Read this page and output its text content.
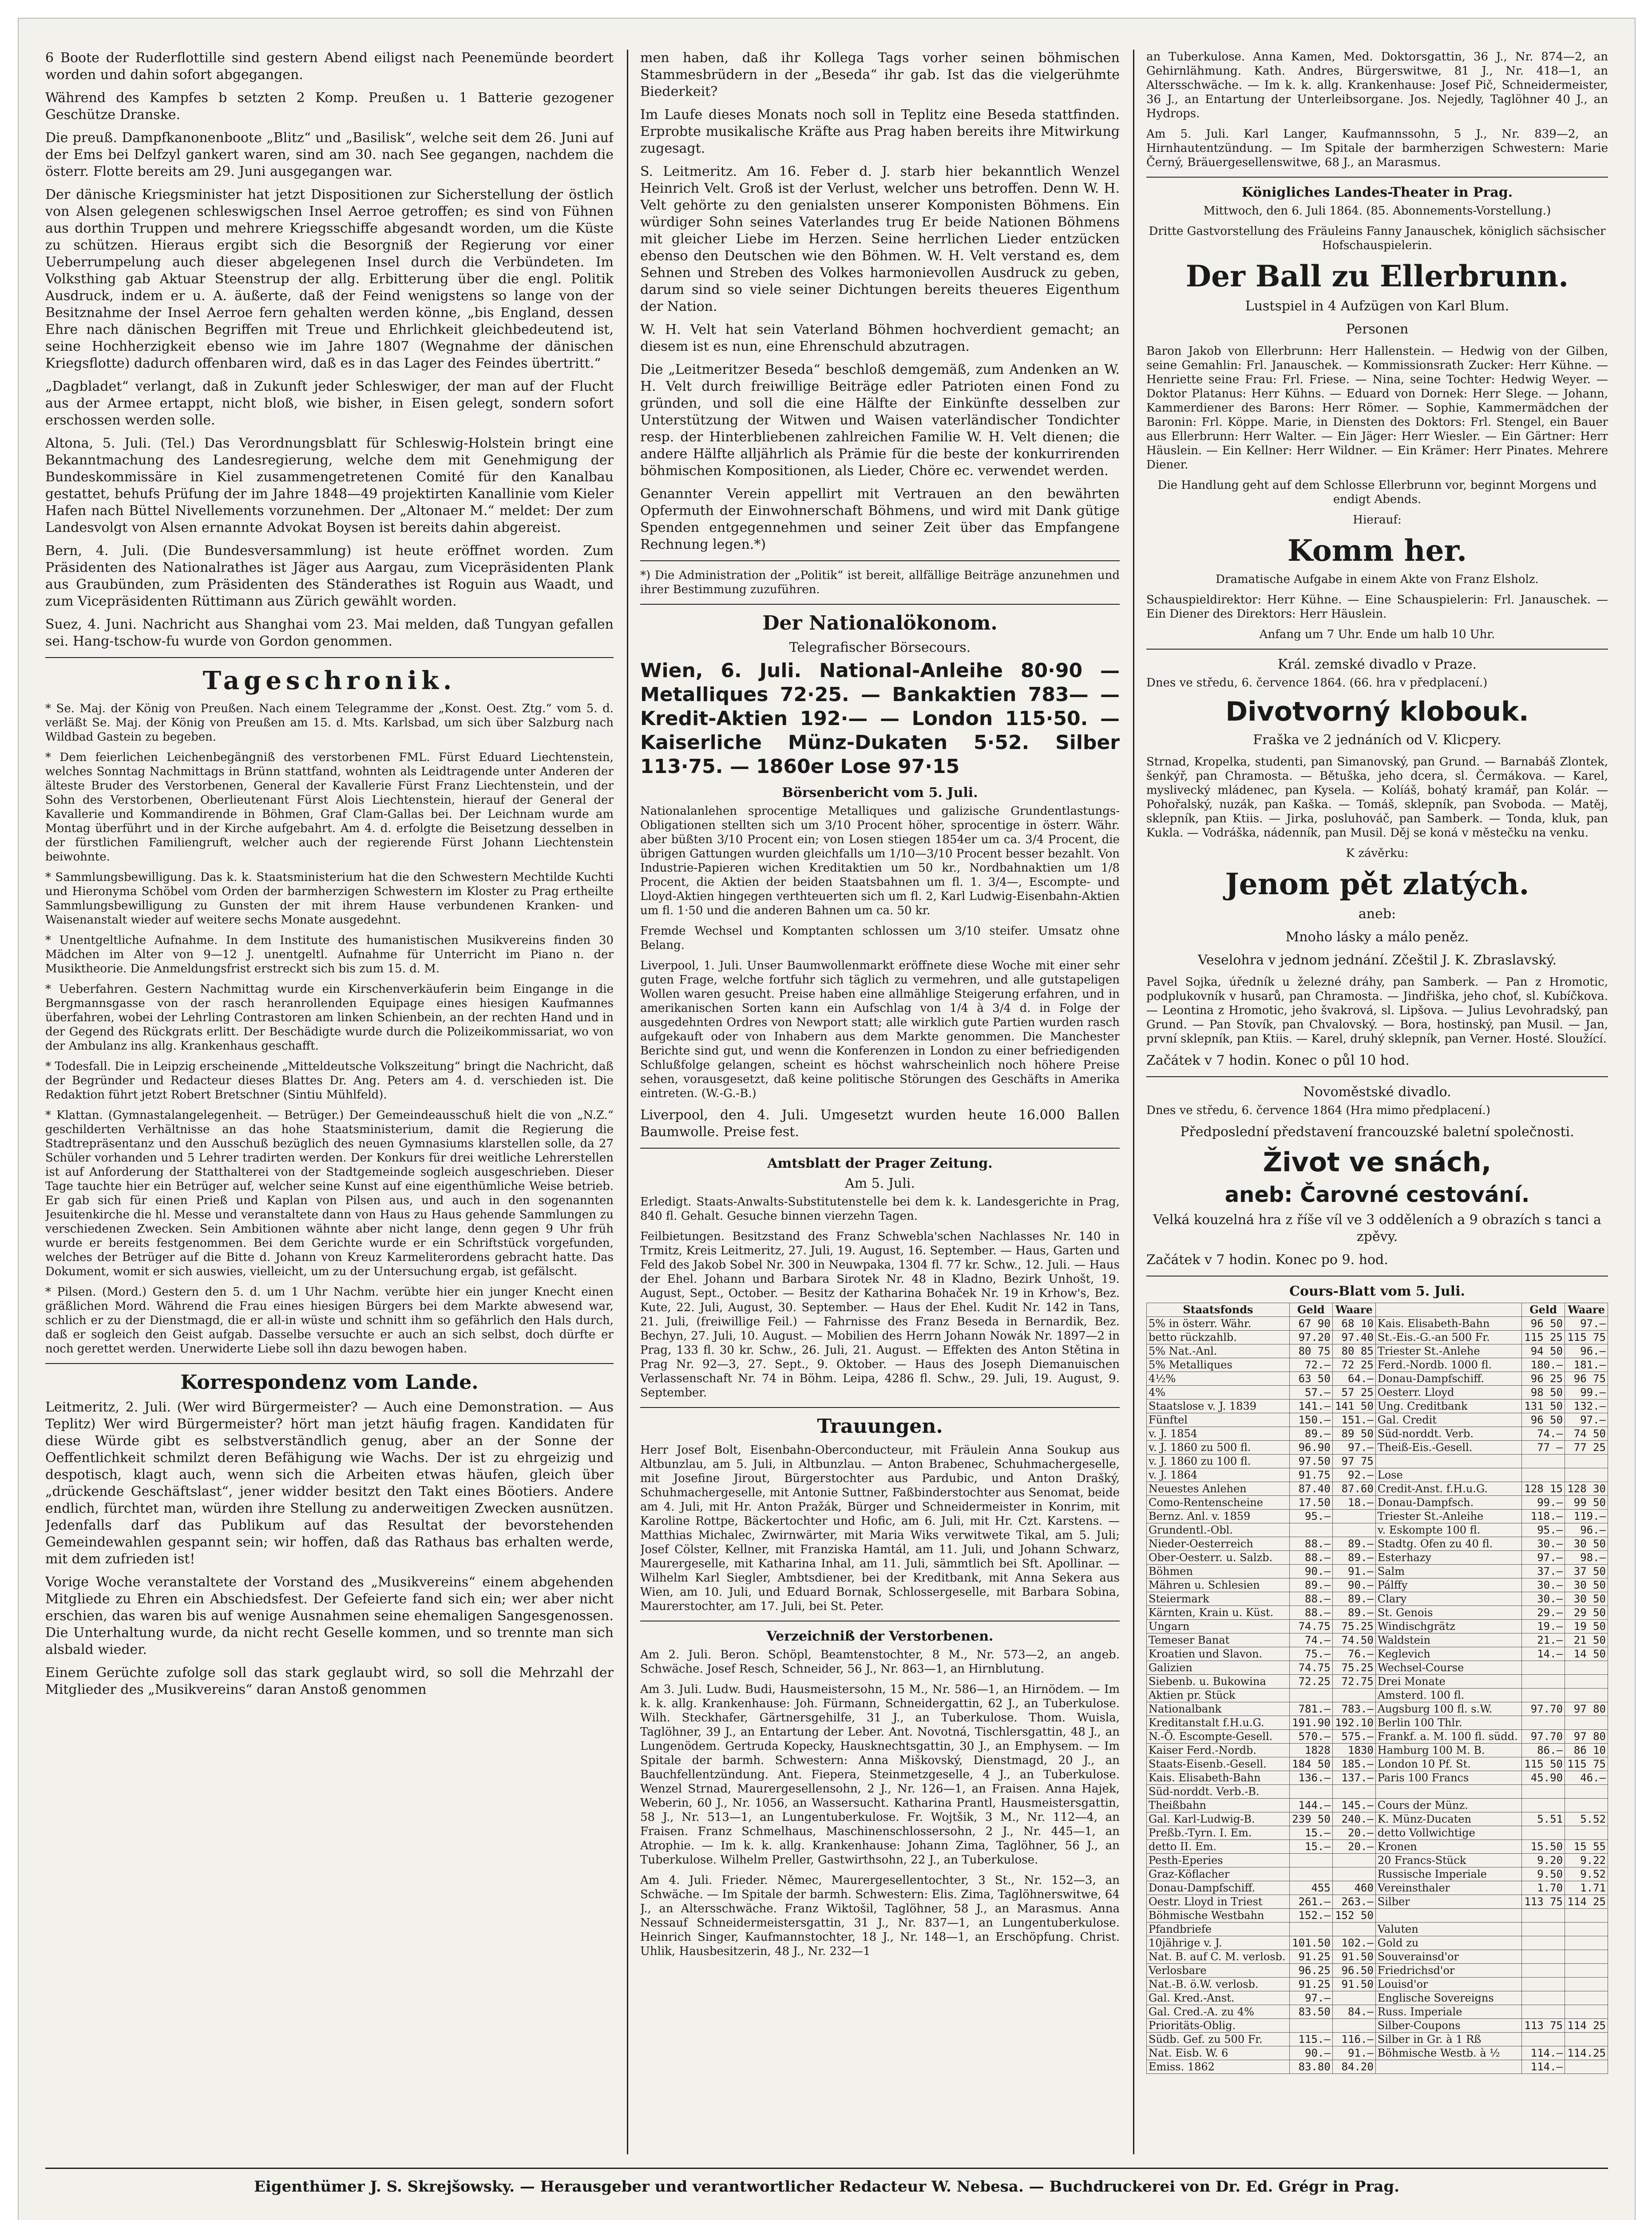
6 Boote der Ruderflottille sind gestern Abend eiligst nach Peenemünde beordert worden und dahin sofort abgegangen.

Während des Kampfes b setzten 2 Komp. Preußen u. 1 Batterie gezogener Geschütze Dranske.

Die preuß. Dampfkanonenboote „Blitz“ und „Basilisk“, welche seit dem 26. Juni auf der Ems bei Delfzyl gankert waren, sind am 30. nach See gegangen, nachdem die österr. Flotte bereits am 29. Juni ausgegangen war.

Der dänische Kriegsminister hat jetzt Dispositionen zur Sicherstellung der östlich von Alsen gelegenen schleswigschen Insel Aerroe getroffen; es sind von Fühnen aus dorthin Truppen und mehrere Kriegsschiffe abgesandt worden, um die Küste zu schützen. Hieraus ergibt sich die Besorgniß der Regierung vor einer Ueberrumpelung auch dieser abgelegenen Insel durch die Verbündeten. Im Volksthing gab Aktuar Steenstrup der allg. Erbitterung über die engl. Politik Ausdruck, indem er u. A. äußerte, daß der Feind wenigstens so lange von der Besitznahme der Insel Aerroe fern gehalten werden könne, „bis England, dessen Ehre nach dänischen Begriffen mit Treue und Ehrlichkeit gleichbedeutend ist, seine Hochherzigkeit ebenso wie im Jahre 1807 (Wegnahme der dänischen Kriegsflotte) dadurch offenbaren wird, daß es in das Lager des Feindes übertritt.“

„Dagbladet“ verlangt, daß in Zukunft jeder Schleswiger, der man auf der Flucht aus der Armee ertappt, nicht bloß, wie bisher, in Eisen gelegt, sondern sofort erschossen werden solle.

Altona, 5. Juli. (Tel.) Das Verordnungsblatt für Schleswig-Holstein bringt eine Bekanntmachung des Landesregierung, welche dem mit Genehmigung der Bundeskommissäre in Kiel zusammengetretenen Comité für den Kanalbau gestattet, behufs Prüfung der im Jahre 1848—49 projektirten Kanallinie vom Kieler Hafen nach Büttel Nivellements vorzunehmen. Der „Altonaer M.“ meldet: Der zum Landesvolgt von Alsen ernannte Advokat Boysen ist bereits dahin abgereist.

Bern, 4. Juli. (Die Bundesversammlung) ist heute eröffnet worden. Zum Präsidenten des Nationalrathes ist Jäger aus Aargau, zum Vicepräsidenten Plank aus Graubünden, zum Präsidenten des Ständerathes ist Roguin aus Waadt, und zum Vicepräsidenten Rüttimann aus Zürich gewählt worden.

Suez, 4. Juni. Nachricht aus Shanghai vom 23. Mai melden, daß Tungyan gefallen sei. Hang-tschow-fu wurde von Gordon genommen.

Tageschronik.

* Se. Maj. der König von Preußen. Nach einem Telegramme der „Konst. Oest. Ztg.“ vom 5. d. verläßt Se. Maj. der König von Preußen am 15. d. Mts. Karlsbad, um sich über Salzburg nach Wildbad Gastein zu begeben.

* Dem feierlichen Leichenbegängniß des verstorbenen FML. Fürst Eduard Liechtenstein, welches Sonntag Nachmittags in Brünn stattfand, wohnten als Leidtragende unter Anderen der älteste Bruder des Verstorbenen, General der Kavallerie Fürst Franz Liechtenstein, und der Sohn des Verstorbenen, Oberlieutenant Fürst Alois Liechtenstein, hierauf der General der Kavallerie und Kommandirende in Böhmen, Graf Clam-Gallas bei. Der Leichnam wurde am Montag überführt und in der Kirche aufgebahrt. Am 4. d. erfolgte die Beisetzung desselben in der fürstlichen Familiengruft, welcher auch der regierende Fürst Johann Liechtenstein beiwohnte.

* Sammlungsbewilligung. Das k. k. Staatsministerium hat die den Schwestern Mechtilde Kuchti und Hieronyma Schöbel vom Orden der barmherzigen Schwestern im Kloster zu Prag ertheilte Sammlungsbewilligung zu Gunsten der mit ihrem Hause verbundenen Kranken- und Waisenanstalt wieder auf weitere sechs Monate ausgedehnt.

* Unentgeltliche Aufnahme. In dem Institute des humanistischen Musikvereins finden 30 Mädchen im Alter von 9—12 J. unentgeltl. Aufnahme für Unterricht im Piano n. der Musiktheorie. Die Anmeldungsfrist erstreckt sich bis zum 15. d. M.

* Ueberfahren. Gestern Nachmittag wurde ein Kirschenverkäuferin beim Eingange in die Bergmannsgasse von der rasch heranrollenden Equipage eines hiesigen Kaufmannes überfahren, wobei der Lehrling Contrastoren am linken Schienbein, an der rechten Hand und in der Gegend des Rückgrats erlitt. Der Beschädigte wurde durch die Polizeikommissariat, wo von der Ambulanz ins allg. Krankenhaus geschafft.

* Todesfall. Die in Leipzig erscheinende „Mitteldeutsche Volkszeitung“ bringt die Nachricht, daß der Begründer und Redacteur dieses Blattes Dr. Ang. Peters am 4. d. verschieden ist. Die Redaktion führt jetzt Robert Bretschner (Sintiu Mühlfeld).

* Klattan. (Gymnastalangelegenheit. — Betrüger.) Der Gemeindeausschuß hielt die von „N.Z.“ geschilderten Verhältnisse an das hohe Staatsministerium, damit die Regierung die Stadtrepräsentanz und den Ausschuß bezüglich des neuen Gymnasiums klarstellen solle, da 27 Schüler vorhanden und 5 Lehrer tradirten werden. Der Konkurs für drei weitliche Lehrerstellen ist auf Anforderung der Statthalterei von der Stadtgemeinde sogleich ausgeschrieben. Dieser Tage tauchte hier ein Betrüger auf, welcher seine Kunst auf eine eigenthümliche Weise betrieb. Er gab sich für einen Prieß und Kaplan von Pilsen aus, und auch in den sogenannten Jesuitenkirche die hl. Messe und veranstaltete dann von Haus zu Haus gehende Sammlungen zu verschiedenen Zwecken. Sein Ambitionen wähnte aber nicht lange, denn gegen 9 Uhr früh wurde er bereits festgenommen. Bei dem Gerichte wurde er ein Schriftstück vorgefunden, welches der Betrüger auf die Bitte d. Johann von Kreuz Karmeliterordens gebracht hatte. Das Dokument, womit er sich auswies, vielleicht, um zu der Untersuchung ergab, ist gefälscht.

* Pilsen. (Mord.) Gestern den 5. d. um 1 Uhr Nachm. verübte hier ein junger Knecht einen gräßlichen Mord. Während die Frau eines hiesigen Bürgers bei dem Markte abwesend war, schlich er zu der Dienstmagd, die er all-in wüste und schnitt ihm so gefährlich den Hals durch, daß er sogleich den Geist aufgab. Dasselbe versuchte er auch an sich selbst, doch dürfte er noch gerettet werden. Unerwiderte Liebe soll ihn dazu bewogen haben.

Korrespondenz vom Lande.

Leitmeritz, 2. Juli. (Wer wird Bürgermeister? — Auch eine Demonstration. — Aus Teplitz) Wer wird Bürgermeister? hört man jetzt häufig fragen. Kandidaten für diese Würde gibt es selbstverständlich genug, aber an der Sonne der Oeffentlichkeit schmilzt deren Befähigung wie Wachs. Der ist zu ehrgeizig und despotisch, klagt auch, wenn sich die Arbeiten etwas häufen, gleich über „drückende Geschäftslast“, jener widder besitzt den Takt eines Böotiers. Andere endlich, fürchtet man, würden ihre Stellung zu anderweitigen Zwecken ausnützen. Jedenfalls darf das Publikum auf das Resultat der bevorstehenden Gemeindewahlen gespannt sein; wir hoffen, daß das Rathaus bas erhalten werde, mit dem zufrieden ist!

Vorige Woche veranstaltete der Vorstand des „Musikvereins“ einem abgehenden Mitgliede zu Ehren ein Abschiedsfest. Der Gefeierte fand sich ein; wer aber nicht erschien, das waren bis auf wenige Ausnahmen seine ehemaligen Sangesgenossen. Die Unterhaltung wurde, da nicht recht Geselle kommen, und so trennte man sich alsbald wieder.

Einem Gerüchte zufolge soll das stark geglaubt wird, so soll die Mehrzahl der Mitglieder des „Musikvereins“ daran Anstoß genommen

men haben, daß ihr Kollega Tags vorher seinen böhmischen Stammesbrüdern in der „Beseda“ ihr gab. Ist das die vielgerühmte Biederkeit?

Im Laufe dieses Monats noch soll in Teplitz eine Beseda stattfinden. Erprobte musikalische Kräfte aus Prag haben bereits ihre Mitwirkung zugesagt.

S. Leitmeritz. Am 16. Feber d. J. starb hier bekanntlich Wenzel Heinrich Velt. Groß ist der Verlust, welcher uns betroffen. Denn W. H. Velt gehörte zu den genialsten unserer Komponisten Böhmens. Ein würdiger Sohn seines Vaterlandes trug Er beide Nationen Böhmens mit gleicher Liebe im Herzen. Seine herrlichen Lieder entzücken ebenso den Deutschen wie den Böhmen. W. H. Velt verstand es, dem Sehnen und Streben des Volkes harmonievollen Ausdruck zu geben, darum sind so viele seiner Dichtungen bereits theueres Eigenthum der Nation.

W. H. Velt hat sein Vaterland Böhmen hochverdient gemacht; an diesem ist es nun, eine Ehrenschuld abzutragen.

Die „Leitmeritzer Beseda“ beschloß demgemäß, zum Andenken an W. H. Velt durch freiwillige Beiträge edler Patrioten einen Fond zu gründen, und soll die eine Hälfte der Einkünfte desselben zur Unterstützung der Witwen und Waisen vaterländischer Tondichter resp. der Hinterbliebenen zahlreichen Familie W. H. Velt dienen; die andere Hälfte alljährlich als Prämie für die beste der konkurrirenden böhmischen Kompositionen, als Lieder, Chöre ec. verwendet werden.

Genannter Verein appellirt mit Vertrauen an den bewährten Opfermuth der Einwohnerschaft Böhmens, und wird mit Dank gütige Spenden entgegennehmen und seiner Zeit über das Empfangene Rechnung legen.*)

*) Die Administration der „Politik“ ist bereit, allfällige Beiträge anzunehmen und ihrer Bestimmung zuzuführen.

Der Nationalökonom.
Telegrafischer Börsecours.

Wien, 6. Juli. National-Anleihe 80·90 — Metalliques 72·25. — Bankaktien 783— — Kredit-Aktien 192·— — London 115·50. — Kaiserliche Münz-Dukaten 5·52. Silber 113·75. — 1860er Lose 97·15

Börsenbericht vom 5. Juli.

Nationalanlehen sprocentige Metalliques und galizische Grundentlastungs-Obligationen stellten sich um 3/10 Procent höher, sprocentige in österr. Währ. aber büßten 3/10 Procent ein; von Losen stiegen 1854er um ca. 3/4 Procent, die übrigen Gattungen wurden gleichfalls um 1/10—3/10 Procent besser bezahlt. Von Industrie-Papieren wichen Kreditaktien um 50 kr., Nordbahnaktien um 1/8 Procent, die Aktien der beiden Staatsbahnen um fl. 1. 3/4—, Escompte- und Lloyd-Aktien hingegen verthteuerten sich um fl. 2, Karl Ludwig-Eisenbahn-Aktien um fl. 1·50 und die anderen Bahnen um ca. 50 kr.

Fremde Wechsel und Komptanten schlossen um 3/10 steifer. Umsatz ohne Belang.

Liverpool, 1. Juli. Unser Baumwollenmarkt eröffnete diese Woche mit einer sehr guten Frage, welche fortfuhr sich täglich zu vermehren, und alle gutstapeligen Wollen waren gesucht. Preise haben eine allmählige Steigerung erfahren, und in amerikanischen Sorten kann ein Aufschlag von 1/4 à 3/4 d. in Folge der ausgedehnten Ordres von Newport statt; alle wirklich gute Partien wurden rasch aufgekauft oder von Inhabern aus dem Markte genommen. Die Manchester Berichte sind gut, und wenn die Konferenzen in London zu einer befriedigenden Schlußfolge gelangen, scheint es höchst wahrscheinlich noch höhere Preise sehen, vorausgesetzt, daß keine politische Störungen des Geschäfts in Amerika eintreten. (W.-G.-B.)

Liverpool, den 4. Juli. Umgesetzt wurden heute 16.000 Ballen Baumwolle. Preise fest.

Amtsblatt der Prager Zeitung.
Am 5. Juli.

Erledigt. Staats-Anwalts-Substitutenstelle bei dem k. k. Landesgerichte in Prag, 840 fl. Gehalt. Gesuche binnen vierzehn Tagen.

Feilbietungen. Besitzstand des Franz Schwebla'schen Nachlasses Nr. 140 in Trmitz, Kreis Leitmeritz, 27. Juli, 19. August, 16. September. — Haus, Garten und Feld des Jakob Sobel Nr. 300 in Neuwpaka, 1304 fl. 77 kr. Schw., 12. Juli. — Haus der Ehel. Johann und Barbara Sirotek Nr. 48 in Kladno, Bezirk Unhošt, 19. August, Sept., October. — Besitz der Katharina Bohaček Nr. 19 in Krhow's, Bez. Kute, 22. Juli, August, 30. September. — Haus der Ehel. Kudit Nr. 142 in Tans, 21. Juli, (freiwillige Feil.) — Fahrnisse des Franz Beseda in Bernardik, Bez. Bechyn, 27. Juli, 10. August. — Mobilien des Herrn Johann Nowák Nr. 1897—2 in Prag, 133 fl. 30 kr. Schw., 26. Juli, 21. August. — Effekten des Anton Stětina in Prag Nr. 92—3, 27. Sept., 9. Oktober. — Haus des Joseph Diemanuischen Verlassenschaft Nr. 74 in Böhm. Leipa, 4286 fl. Schw., 29. Juli, 19. August, 9. September.

Trauungen.

Herr Josef Bolt, Eisenbahn-Oberconducteur, mit Fräulein Anna Soukup aus Altbunzlau, am 5. Juli, in Altbunzlau. — Anton Brabenec, Schuhmachergeselle, mit Josefine Jirout, Bürgerstochter aus Pardubic, und Anton Drašký, Schuhmachergeselle, mit Antonie Suttner, Faßbinderstochter aus Senomat, beide am 4. Juli, mit Hr. Anton Pražák, Bürger und Schneidermeister in Konrim, mit Karoline Rottpe, Bäckertochter und Hofic, am 6. Juli, mit Hr. Czt. Karstens. — Matthias Michalec, Zwirnwärter, mit Maria Wiks verwitwete Tikal, am 5. Juli; Josef Cölster, Kellner, mit Franziska Hamtál, am 11. Juli, und Johann Schwarz, Maurergeselle, mit Katharina Inhal, am 11. Juli, sämmtlich bei Sft. Apollinar. — Wilhelm Karl Siegler, Ambtsdiener, bei der Kreditbank, mit Anna Sekera aus Wien, am 10. Juli, und Eduard Bornak, Schlossergeselle, mit Barbara Sobina, Maurerstochter, am 17. Juli, bei St. Peter.

Verzeichniß der Verstorbenen.

Am 2. Juli. Beron. Schöpl, Beamtenstochter, 8 M., Nr. 573—2, an angeb. Schwäche. Josef Resch, Schneider, 56 J., Nr. 863—1, an Hirnblutung.

Am 3. Juli. Ludw. Budi, Hausmeistersohn, 15 M., Nr. 586—1, an Hirnödem. — Im k. k. allg. Krankenhause: Joh. Fürmann, Schneidergattin, 62 J., an Tuberkulose. Wilh. Steckhafer, Gärtnersgehilfe, 31 J., an Tuberkulose. Thom. Wuisla, Taglöhner, 39 J., an Entartung der Leber. Ant. Novotná, Tischlersgattin, 48 J., an Lungenödem. Gertruda Kopecky, Hausknechtsgattin, 30 J., an Emphysem. — Im Spitale der barmh. Schwestern: Anna Miškovský, Dienstmagd, 20 J., an Bauchfellentzündung. Ant. Fiepera, Steinmetzgeselle, 4 J., an Tuberkulose. Wenzel Strnad, Maurergesellensohn, 2 J., Nr. 126—1, an Fraisen. Anna Hajek, Weberin, 60 J., Nr. 1056, an Wassersucht. Katharina Prantl, Hausmeistersgattin, 58 J., Nr. 513—1, an Lungentuberkulose. Fr. Wojtšik, 3 M., Nr. 112—4, an Fraisen. Franz Schmelhaus, Maschinenschlossersohn, 2 J., Nr. 445—1, an Atrophie. — Im k. k. allg. Krankenhause: Johann Zima, Taglöhner, 56 J., an Tuberkulose. Wilhelm Preller, Gastwirthsohn, 22 J., an Tuberkulose.

Am 4. Juli. Frieder. Němec, Maurergesellentochter, 3 St., Nr. 152—3, an Schwäche. — Im Spitale der barmh. Schwestern: Elis. Zima, Taglöhnerswitwe, 64 J., an Altersschwäche. Franz Wiktošil, Taglöhner, 58 J., an Marasmus. Anna Nessauf Schneidermeistersgattin, 31 J., Nr. 837—1, an Lungentuberkulose. Heinrich Singer, Kaufmannstochter, 18 J., Nr. 148—1, an Erschöpfung. Christ. Uhlik, Hausbesitzerin, 48 J., Nr. 232—1

an Tuberkulose. Anna Kamen, Med. Doktorsgattin, 36 J., Nr. 874—2, an Gehirnlähmung. Kath. Andres, Bürgerswitwe, 81 J., Nr. 418—1, an Altersschwäche. — Im k. k. allg. Krankenhause: Josef Pič, Schneidermeister, 36 J., an Entartung der Unterleibsorgane. Jos. Nejedly, Taglöhner 40 J., an Hydrops.

Am 5. Juli. Karl Langer, Kaufmannssohn, 5 J., Nr. 839—2, an Hirnhautentzündung. — Im Spitale der barmherzigen Schwestern: Marie Černý, Bräuergesellenswitwe, 68 J., an Marasmus.

Königliches Landes-Theater in Prag.

Mittwoch, den 6. Juli 1864. (85. Abonnements-Vorstellung.)

Dritte Gastvorstellung des Fräuleins Fanny Janauschek, königlich sächsischer Hofschauspielerin.

Der Ball zu Ellerbrunn.

Lustspiel in 4 Aufzügen von Karl Blum.

Personen

Baron Jakob von Ellerbrunn: Herr Hallenstein. — Hedwig von der Gilben, seine Gemahlin: Frl. Janauschek. — Kommissionsrath Zucker: Herr Kühne. — Henriette seine Frau: Frl. Friese. — Nina, seine Tochter: Hedwig Weyer. — Doktor Platanus: Herr Kühns. — Eduard von Dornek: Herr Slege. — Johann, Kammerdiener des Barons: Herr Römer. — Sophie, Kammermädchen der Baronin: Frl. Köppe. Marie, in Diensten des Doktors: Frl. Stengel, ein Bauer aus Ellerbrunn: Herr Walter. — Ein Jäger: Herr Wiesler. — Ein Gärtner: Herr Häuslein. — Ein Kellner: Herr Wildner. — Ein Krämer: Herr Pinates. Mehrere Diener.

Die Handlung geht auf dem Schlosse Ellerbrunn vor, beginnt Morgens und endigt Abends.

Hierauf:

Komm her.

Dramatische Aufgabe in einem Akte von Franz Elsholz.

Schauspieldirektor: Herr Kühne. — Eine Schauspielerin: Frl. Janauschek. — Ein Diener des Direktors: Herr Häuslein.

Anfang um 7 Uhr. Ende um halb 10 Uhr.

Král. zemské divadlo v Praze.

Dnes ve středu, 6. července 1864. (66. hra v předplacení.)

Divotvorný klobouk.

Fraška ve 2 jednáních od V. Klicpery.

Strnad, Kropelka, studenti, pan Simanovský, pan Grund. — Barnabáš Zlontek, šenkýř, pan Chramosta. — Bětuška, jeho dcera, sl. Čermákova. — Karel, myslivecký mládenec, pan Kysela. — Kolíáš, bohatý kramář, pan Kolár. — Pohořalský, nuzák, pan Kaška. — Tomáš, sklepník, pan Svoboda. — Matěj, sklepník, pan Ktiis. — Jirka, posluhováč, pan Samberk. — Tonda, kluk, pan Kukla. — Vodráška, nádenník, pan Musil. Děj se koná v městečku na venku.

K závěrku:

Jenom pět zlatých.

aneb:

Mnoho lásky a málo peněz.

Veselohra v jednom jednání. Zčeštil J. K. Zbraslavský.

Pavel Sojka, úředník u železné dráhy, pan Samberk. — Pan z Hromotic, podplukovník v husarů, pan Chramosta. — Jindřiška, jeho choť, sl. Kubíčkova. — Leontina z Hromotic, jeho švakrová, sl. Lipšova. — Julius Levohradský, pan Grund. — Pan Stovík, pan Chvalovský. — Bora, hostinský, pan Musil. — Jan, první sklepník, pan Ktiis. — Karel, druhý sklepník, pan Verner. Hosté. Sloužící.

Začátek v 7 hodin. Konec o půl 10 hod.

Novoměstské divadlo.

Dnes ve středu, 6. července 1864 (Hra mimo předplacení.)

Předposlední představení francouzské baletní společnosti.

Život ve snách,
aneb: Čarovné cestování.

Velká kouzelná hra z říše víl ve 3 odděleních a 9 obrazích s tanci a zpěvy.

Začátek v 7 hodin. Konec po 9. hod.

Cours-Blatt vom 5. Juli.
Staatsfonds	Geld	Waare		Geld	Waare
5% in österr. Währ.	67 90	68 10	Kais. Elisabeth-Bahn	96 50	97.—
betto rückzahlb.	97.20	97.40	St.-Eis.-G.-an 500 Fr.	115 25	115 75
5% Nat.-Anl.	80 75	80 85	Triester St.-Anlehe	94 50	96.—
5% Metalliques	72.—	72 25	Ferd.-Nordb. 1000 fl.	180.—	181.—
4½%	63 50	64.—	Donau-Dampfschiff.	96 25	96 75
4%	57.—	57 25	Oesterr. Lloyd	98 50	99.—
Staatslose v. J. 1839	141.—	141 50	Ung. Creditbank	131 50	132.—
Fünftel	150.—	151.—	Gal. Credit	96 50	97.—
v. J. 1854	89.—	89 50	Süd-norddt. Verb.	74.—	74 50
v. J. 1860 zu 500 fl.	96.90	97.—	Theiß-Eis.-Gesell.	77 —	77 25
v. J. 1860 zu 100 fl.	97.50	97 75			
v. J. 1864	91.75	92.—	Lose		
Neuestes Anlehen	87.40	87.60	Credit-Anst. f.H.u.G.	128 15	128 30
Como-Rentenscheine	17.50	18.—	Donau-Dampfsch.	99.—	99 50
Bernz. Anl. v. 1859	95.—		Triester St.-Anleihe	118.—	119.—
Grundentl.-Obl.			v. Eskompte 100 fl.	95.—	96.—
Nieder-Oesterreich	88.—	89.—	Stadtg. Ofen zu 40 fl.	30.—	30 50
Ober-Oesterr. u. Salzb.	88.—	89.—	Esterhazy	97.—	98.—
Böhmen	90.—	91.—	Salm	37.—	37 50
Mähren u. Schlesien	89.—	90.—	Pálffy	30.—	30 50
Steiermark	88.—	89.—	Clary	30.—	30 50
Kärnten, Krain u. Küst.	88.—	89.—	St. Genois	29.—	29 50
Ungarn	74.75	75.25	Windischgrätz	19.—	19 50
Temeser Banat	74.—	74.50	Waldstein	21.—	21 50
Kroatien und Slavon.	75.—	76.—	Keglevich	14.—	14 50
Galizien	74.75	75.25	Wechsel-Course		
Siebenb. u. Bukowina	72.25	72.75	Drei Monate		
Aktien pr. Stück			Amsterd. 100 fl.		
Nationalbank	781.—	783.—	Augsburg 100 fl. s.W.	97.70	97 80
Kreditanstalt f.H.u.G.	191.90	192.10	Berlin 100 Thlr.		
N.-Ö. Escompte-Gesell.	570.—	575.—	Frankf. a. M. 100 fl. südd.	97.70	97 80
Kaiser Ferd.-Nordb.	1828	1830	Hamburg 100 M. B.	86.—	86 10
Staats-Eisenb.-Gesell.	184 50	185.—	London 10 Pf. St.	115 50	115 75
Kais. Elisabeth-Bahn	136.—	137.—	Paris 100 Francs	45.90	46.—
Süd-norddt. Verb.-B.					
Theißbahn	144.—	145.—	Cours der Münz.		
Gal. Karl-Ludwig-B.	239 50	240.—	K. Münz-Ducaten	5.51	5.52
Preßb.-Tyrn. I. Em.	15.—	20.—	detto Vollwichtige		
detto II. Em.	15.—	20.—	Kronen	15.50	15 55
Pesth-Eperies			20 Francs-Stück	9.20	9.22
Graz-Köflacher			Russische Imperiale	9.50	9.52
Donau-Dampfschiff.	455	460	Vereinsthaler	1.70	1.71
Oestr. Lloyd in Triest	261.—	263.—	Silber	113 75	114 25
Böhmische Westbahn	152.—	152 50			
Pfandbriefe			Valuten		
10jährige v. J.	101.50	102.—	Gold zu		
Nat. B. auf C. M. verlosb.	91.25	91.50	Souverainsd'or		
Verlosbare	96.25	96.50	Friedrichsd'or		
Nat.-B. ö.W. verlosb.	91.25	91.50	Louisd'or		
Gal. Kred.-Anst.	97.—		Englische Sovereigns		
Gal. Cred.-A. zu 4%	83.50	84.—	Russ. Imperiale		
Prioritäts-Oblig.			Silber-Coupons	113 75	114 25
Südb. Gef. zu 500 Fr.	115.—	116.—	Silber in Gr. à 1 Rß		
Nat. Eisb. W. 6	90.—	91.—	Böhmische Westb. à ½	114.—	114.25
Emiss. 1862	83.80	84.20		114.—	
Eigenthümer J. S. Skrejšowsky. — Herausgeber und verantwortlicher Redacteur W. Nebesa. — Buchdruckerei von Dr. Ed. Grégr in Prag.
